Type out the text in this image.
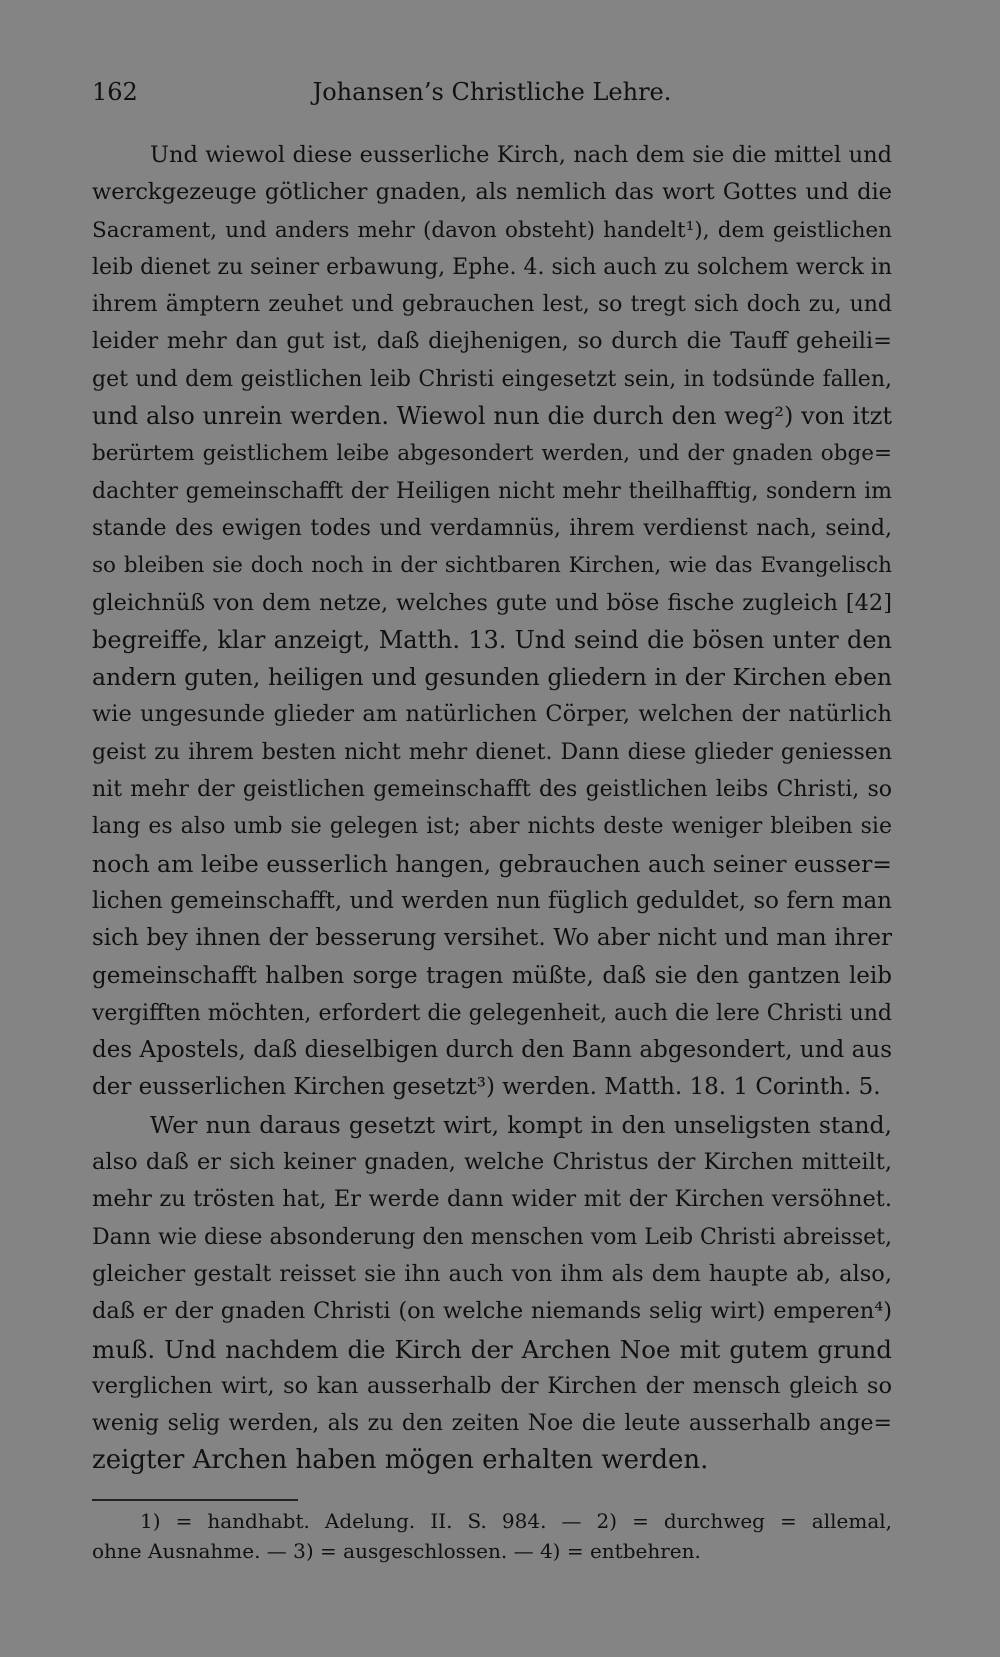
162	Johansen’s Christliche Lehre.
Und wiewol diese eusserliche Kirch, nach dem sie die mittel und
werckgezeuge götlicher gnaden, als nemlich das wort Gottes und die
Sacrament, und anders mehr (davon obsteht) handelt¹), dem geistlichen
leib dienet zu seiner erbawung, Ephe. 4. sich auch zu solchem werck in
ihrem ämptern zeuhet und gebrauchen lest, so tregt sich doch zu, und
leider mehr dan gut ist, daß diejhenigen, so durch die Tauff geheili=
get und dem geistlichen leib Christi eingesetzt sein, in todsünde fallen,
und also unrein werden. Wiewol nun die durch den weg²) von itzt
berürtem geistlichem leibe abgesondert werden, und der gnaden obge=
dachter gemeinschafft der Heiligen nicht mehr theilhafftig, sondern im
stande des ewigen todes und verdamnüs, ihrem verdienst nach, seind,
so bleiben sie doch noch in der sichtbaren Kirchen, wie das Evangelisch
gleichnüß von dem netze, welches gute und böse fische zugleich [42]
begreiffe, klar anzeigt, Matth. 13. Und seind die bösen unter den
andern guten, heiligen und gesunden gliedern in der Kirchen eben
wie ungesunde glieder am natürlichen Cörper, welchen der natürlich
geist zu ihrem besten nicht mehr dienet. Dann diese glieder geniessen
nit mehr der geistlichen gemeinschafft des geistlichen leibs Christi, so
lang es also umb sie gelegen ist; aber nichts deste weniger bleiben sie
noch am leibe eusserlich hangen, gebrauchen auch seiner eusser=
lichen gemeinschafft, und werden nun füglich geduldet, so fern man
sich bey ihnen der besserung versihet. Wo aber nicht und man ihrer
gemeinschafft halben sorge tragen müßte, daß sie den gantzen leib
vergifften möchten, erfordert die gelegenheit, auch die lere Christi und
des Apostels, daß dieselbigen durch den Bann abgesondert, und aus
der eusserlichen Kirchen gesetzt³) werden. Matth. 18. 1 Corinth. 5.
Wer nun daraus gesetzt wirt, kompt in den unseligsten stand,
also daß er sich keiner gnaden, welche Christus der Kirchen mitteilt,
mehr zu trösten hat, Er werde dann wider mit der Kirchen versöhnet.
Dann wie diese absonderung den menschen vom Leib Christi abreisset,
gleicher gestalt reisset sie ihn auch von ihm als dem haupte ab, also,
daß er der gnaden Christi (on welche niemands selig wirt) emperen⁴)
muß. Und nachdem die Kirch der Archen Noe mit gutem grund
verglichen wirt, so kan ausserhalb der Kirchen der mensch gleich so
wenig selig werden, als zu den zeiten Noe die leute ausserhalb ange=
zeigter Archen haben mögen erhalten werden.
1) = handhabt. Adelung. II. S. 984. — 2) = durchweg = allemal,
ohne Ausnahme. — 3) = ausgeschlossen. — 4) = entbehren.
